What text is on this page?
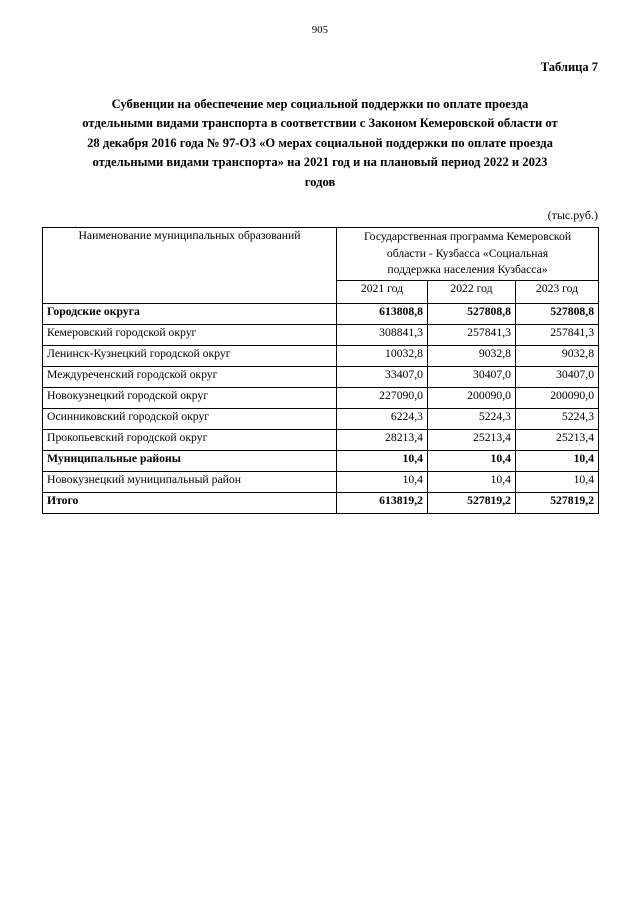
905
Таблица 7
Субвенции на обеспечение мер социальной поддержки по оплате проезда
отдельными видами транспорта в соответствии с Законом Кемеровской области от
28 декабря 2016 года № 97-ОЗ «О мерах социальной поддержки по оплате проезда
отдельными видами транспорта» на 2021 год и на плановый период 2022 и 2023
годов
(тыс.руб.)
Наименование муниципальных образований	Государственная программа Кемеровской
области - Кузбасса «Социальная
поддержка населения Кузбасса»		
	2021 год	2022 год	2023 год
Городские округа	613808,8	527808,8	527808,8
Кемеровский городской округ	308841,3	257841,3	257841,3
Ленинск-Кузнецкий городской округ	10032,8	9032,8	9032,8
Междуреченский городской округ	33407,0	30407,0	30407,0
Новокузнецкий городской округ	227090,0	200090,0	200090,0
Осинниковский городской округ	6224,3	5224,3	5224,3
Прокопьевский городской округ	28213,4	25213,4	25213,4
Муниципальные районы	10,4	10,4	10,4
Новокузнецкий муниципальный район	10,4	10,4	10,4
Итого	613819,2	527819,2	527819,2
